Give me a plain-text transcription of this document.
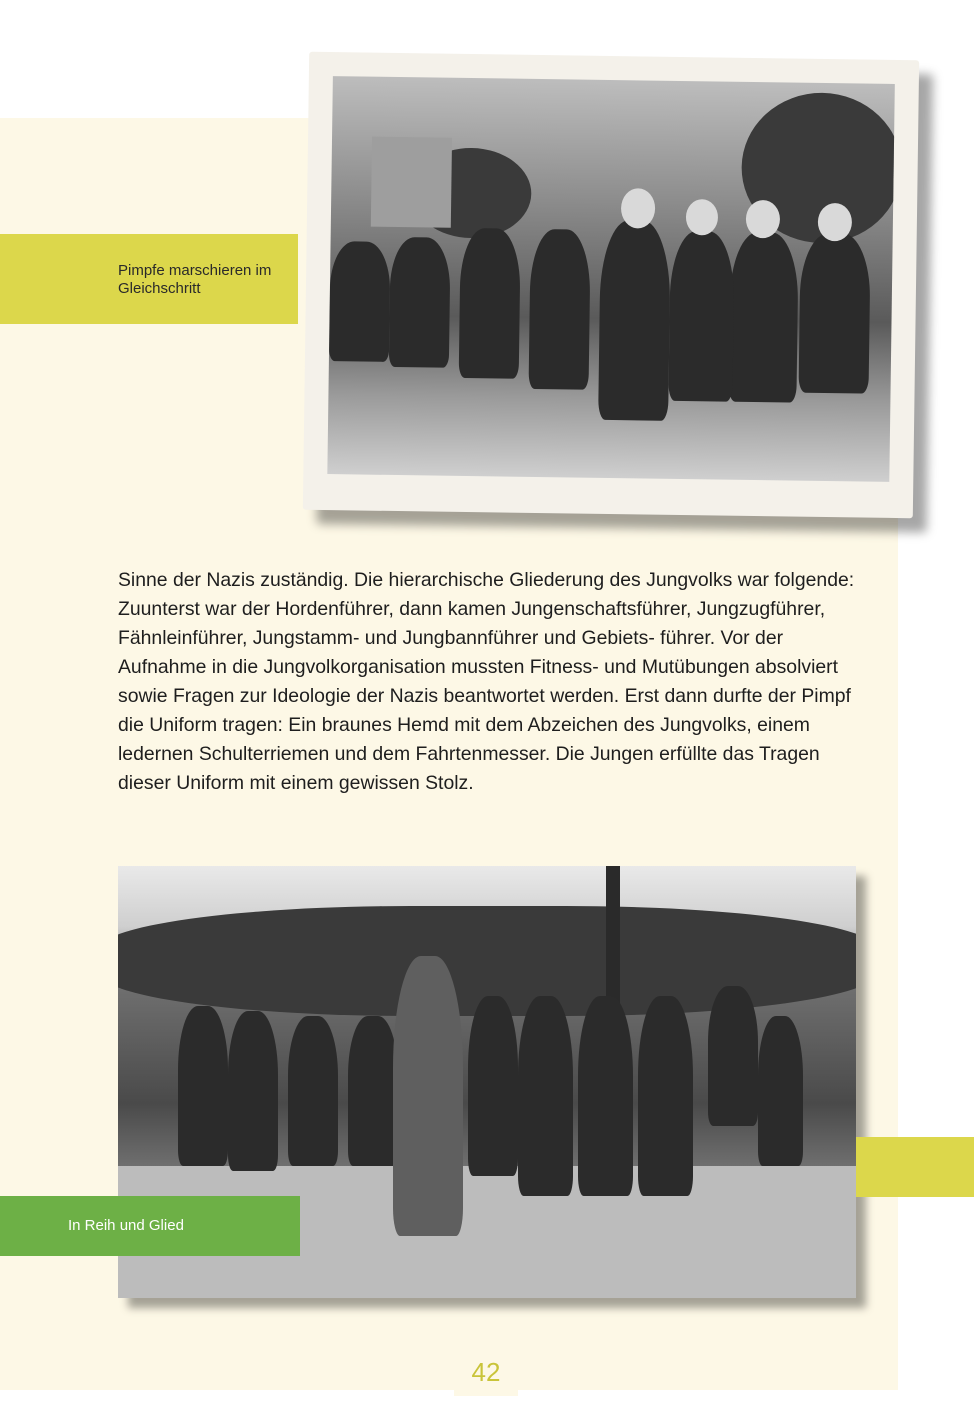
Pimpfe marschieren im Gleichschritt

Sinne der Nazis zuständig. Die hierarchische Gliederung des Jungvolks war folgende: Zuunterst war der Hordenführer, dann kamen Jungenschaftsführer, Jungzugführer, Fähnleinführer, Jungstamm- und Jungbannführer und Gebiets- führer. Vor der Aufnahme in die Jungvolkorganisation mussten Fitness- und Mutübungen absolviert sowie Fragen zur Ideologie der Nazis beantwortet werden. Erst dann durfte der Pimpf die Uniform tragen: Ein braunes Hemd mit dem Abzeichen des Jungvolks, einem ledernen Schulterriemen und dem Fahrtenmesser. Die Jungen erfüllte das Tragen dieser Uniform mit einem gewissen Stolz.

In Reih und Glied
42
